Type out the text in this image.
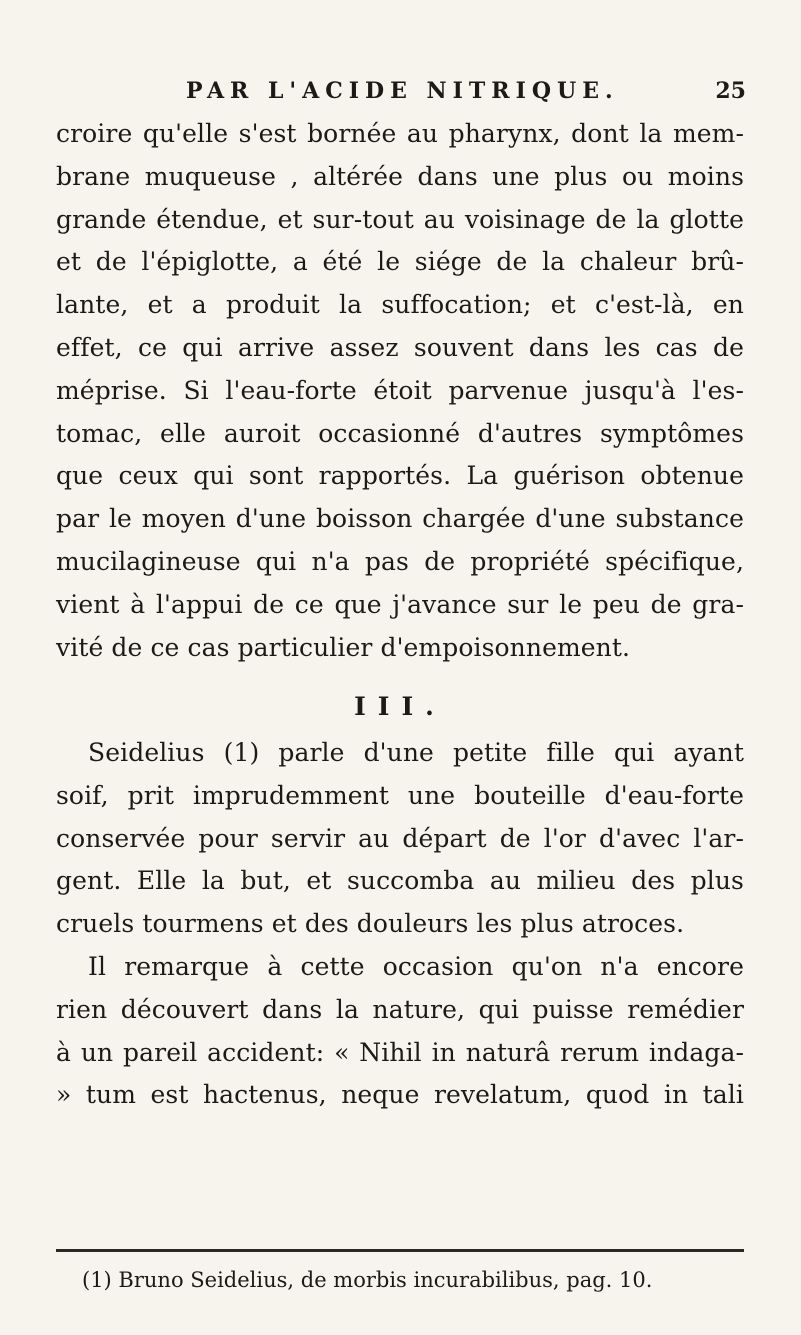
PAR L'ACIDE NITRIQUE.	25
croire qu'elle s'est bornée au pharynx, dont la mem-
brane muqueuse , altérée dans une plus ou moins
grande étendue, et sur-tout au voisinage de la glotte
et de l'épiglotte, a été le siége de la chaleur brû-
lante, et a produit la suffocation; et c'est-là, en
effet, ce qui arrive assez souvent dans les cas de
méprise. Si l'eau-forte étoit parvenue jusqu'à l'es-
tomac, elle auroit occasionné d'autres symptômes
que ceux qui sont rapportés. La guérison obtenue
par le moyen d'une boisson chargée d'une substance
mucilagineuse qui n'a pas de propriété spécifique,
vient à l'appui de ce que j'avance sur le peu de gra-
vité de ce cas particulier d'empoisonnement.
III.
Seidelius (1) parle d'une petite fille qui ayant
soif, prit imprudemment une bouteille d'eau-forte
conservée pour servir au départ de l'or d'avec l'ar-
gent. Elle la but, et succomba au milieu des plus
cruels tourmens et des douleurs les plus atroces.
Il remarque à cette occasion qu'on n'a encore
rien découvert dans la nature, qui puisse remédier
à un pareil accident: « Nihil in naturâ rerum indaga-
» tum est hactenus, neque revelatum, quod in tali
(1) Bruno Seidelius, de morbis incurabilibus, pag. 10.
